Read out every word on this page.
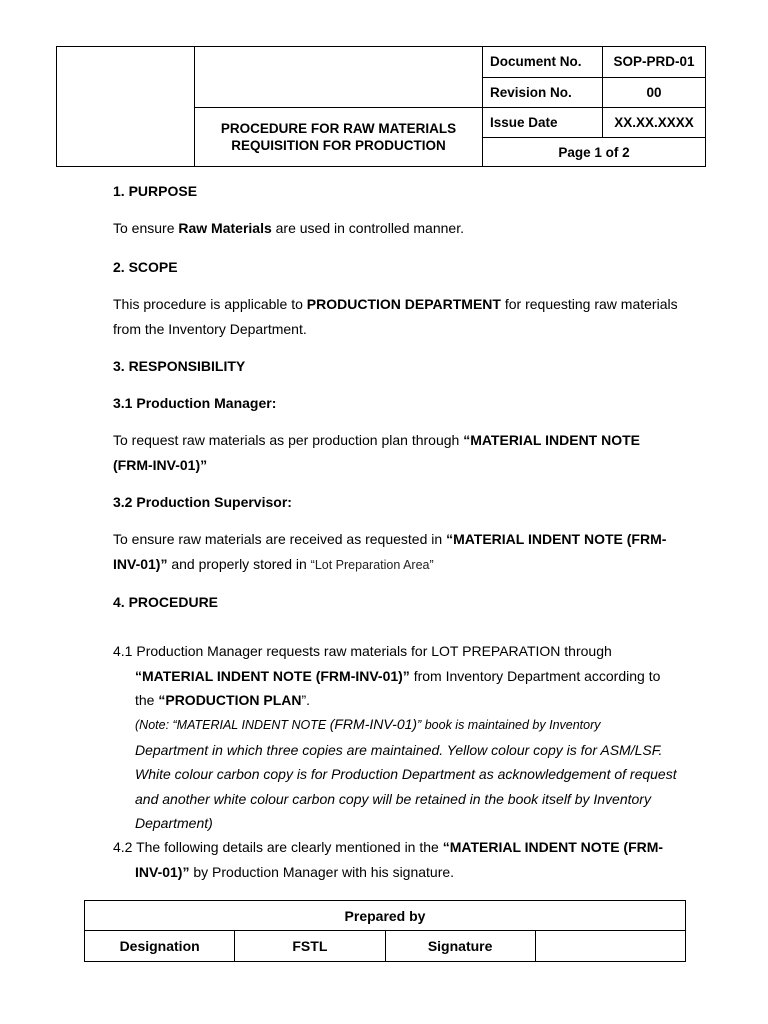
		Document No.	SOP-PRD-01
		Revision No.	00
	PROCEDURE FOR RAW MATERIALS
REQUISITION FOR PRODUCTION	Issue Date	XX.XX.XXXX
		Page 1 of 2	
1. PURPOSE
To ensure Raw Materials are used in controlled manner.
2. SCOPE
This procedure is applicable to PRODUCTION DEPARTMENT for requesting raw materials
from the Inventory Department.
3. RESPONSIBILITY
3.1 Production Manager:
To request raw materials as per production plan through “MATERIAL INDENT NOTE
(FRM-INV-01)”
3.2 Production Supervisor:
To ensure raw materials are received as requested in “MATERIAL INDENT NOTE (FRM-
INV-01)” and properly stored in “Lot Preparation Area”
4. PROCEDURE
4.1 Production Manager requests raw materials for LOT PREPARATION through
“MATERIAL INDENT NOTE (FRM-INV-01)” from Inventory Department according to
the “PRODUCTION PLAN”.
(Note: “MATERIAL INDENT NOTE (FRM-INV-01)” book is maintained by Inventory
Department in which three copies are maintained. Yellow colour copy is for ASM/LSF.
White colour carbon copy is for Production Department as acknowledgement of request
and another white colour carbon copy will be retained in the book itself by Inventory
Department)
4.2 The following details are clearly mentioned in the “MATERIAL INDENT NOTE (FRM-
INV-01)” by Production Manager with his signature.
Prepared by
Designation	FSTL	Signature	
